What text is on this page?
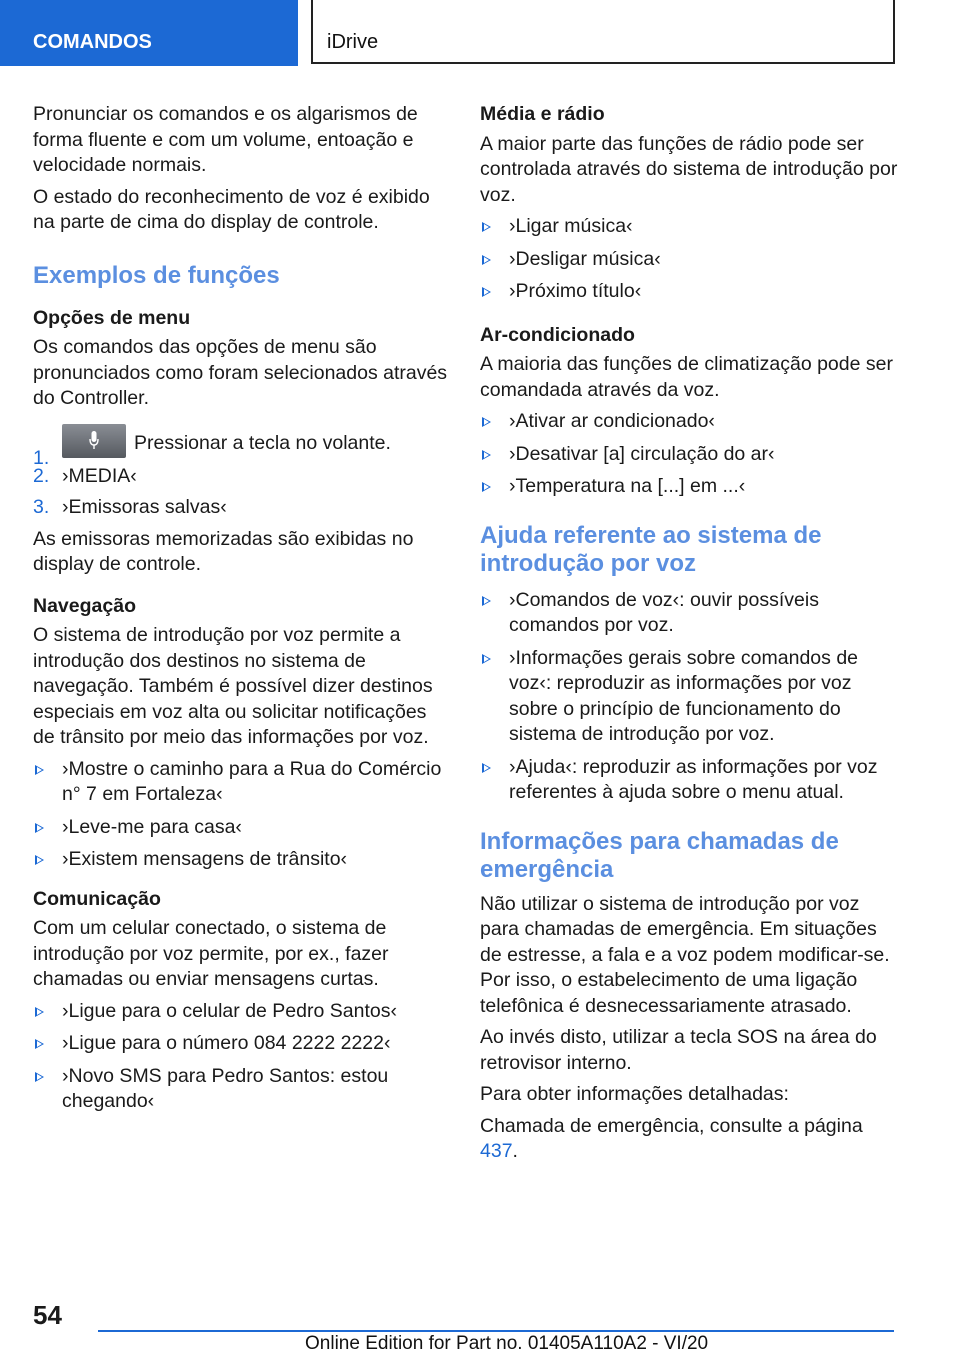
COMANDOS	iDrive

Pronunciar os comandos e os algarismos de forma fluente e com um volume, entoação e velocidade normais.

O estado do reconhecimento de voz é exibido na parte de cima do display de controle.

Exemplos de funções
Opções de menu

Os comandos das opções de menu são pronunciados como foram selecionados através do Controller.

1.
Pressionar a tecla no volante.
2. ›MEDIA‹
3. ›Emissoras salvas‹

As emissoras memorizadas são exibidas no display de controle.

Navegação

O sistema de introdução por voz permite a introdução dos destinos no sistema de navegação. Também é possível dizer destinos especiais em voz alta ou solicitar notificações de trânsito por meio das informações por voz.

›Mostre o caminho para a Rua do Comércio n° 7 em Fortaleza‹
›Leve-me para casa‹
›Existem mensagens de trânsito‹
Comunicação

Com um celular conectado, o sistema de introdução por voz permite, por ex., fazer chamadas ou enviar mensagens curtas.

›Ligue para o celular de Pedro Santos‹
›Ligue para o número 084 2222 2222‹
›Novo SMS para Pedro Santos: estou chegando‹
Média e rádio

A maior parte das funções de rádio pode ser controlada através do sistema de introdução por voz.

›Ligar música‹
›Desligar música‹
›Próximo título‹
Ar-condicionado

A maioria das funções de climatização pode ser comandada através da voz.

›Ativar ar condicionado‹
›Desativar [a] circulação do ar‹
›Temperatura na [...] em ...‹
Ajuda referente ao sistema de introdução por voz
›Comandos de voz‹: ouvir possíveis comandos por voz.
›Informações gerais sobre comandos de voz‹: reproduzir as informações por voz sobre o princípio de funcionamento do sistema de introdução por voz.
›Ajuda‹: reproduzir as informações por voz referentes à ajuda sobre o menu atual.
Informações para chamadas de emergência

Não utilizar o sistema de introdução por voz para chamadas de emergência. Em situações de estresse, a fala e a voz podem modificar-se. Por isso, o estabelecimento de uma ligação telefônica é desnecessariamente atrasado.

Ao invés disto, utilizar a tecla SOS na área do retrovisor interno.

Para obter informações detalhadas:

Chamada de emergência, consulte a página
437.

54
Online Edition for Part no. 01405A110A2 - VI/20
